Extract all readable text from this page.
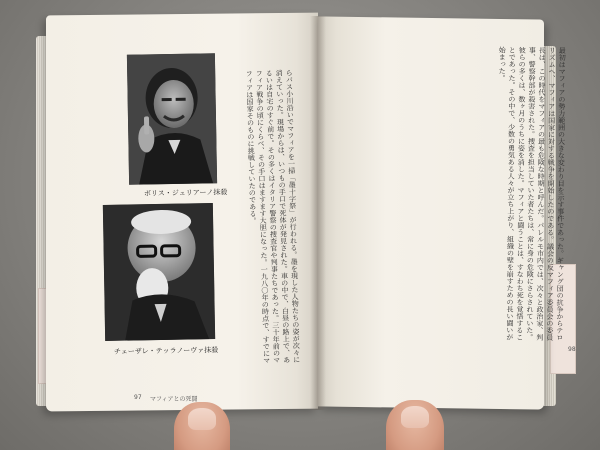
ボリス・ジュリアーノ抹殺
チェーザレ・テッラノーヴァ抹殺	らバス小川沿いでマフィアを一掃「墨十字祭」が行われる。墨を現した人物たちの姿が次々に消えていった。現場からは、いつもの手口で死体が発見された。車の中で、白昼の路上で、あるいは自宅のすぐ前で。その多くはイタリア警察の捜査官や判事たちであった。三十年前のマフィア戦争の頃にくらべ、その手口はますます大胆になった。一九八〇年の時点で、すでにマフィアは国家そのものに挑戦していたのである。	最初はマフィアの勢力範囲の大きな変わり目を示す事件であった。ギャング団の抗争からテロリズムへ、マフィアは国家に対する戦争を開始したのである。議会の反マフィア委員会の委員長は、この時代をマフィアの最も危険な時期と呼んだ。パレルモ市内では、次々と政治家、判事、警察幹部が殺害された。捜査を担当していた者たちは、常に身の危険にさらされていた。彼らの多くは、数ヶ月のうちに姿を消した。マフィアと闘うことは、すなわち死を覚悟することであった。その中で、少数の勇気ある人々が立ち上がり、組織の壁を崩すための長い闘いが始まった。
97 マフィアとの死闘
98
